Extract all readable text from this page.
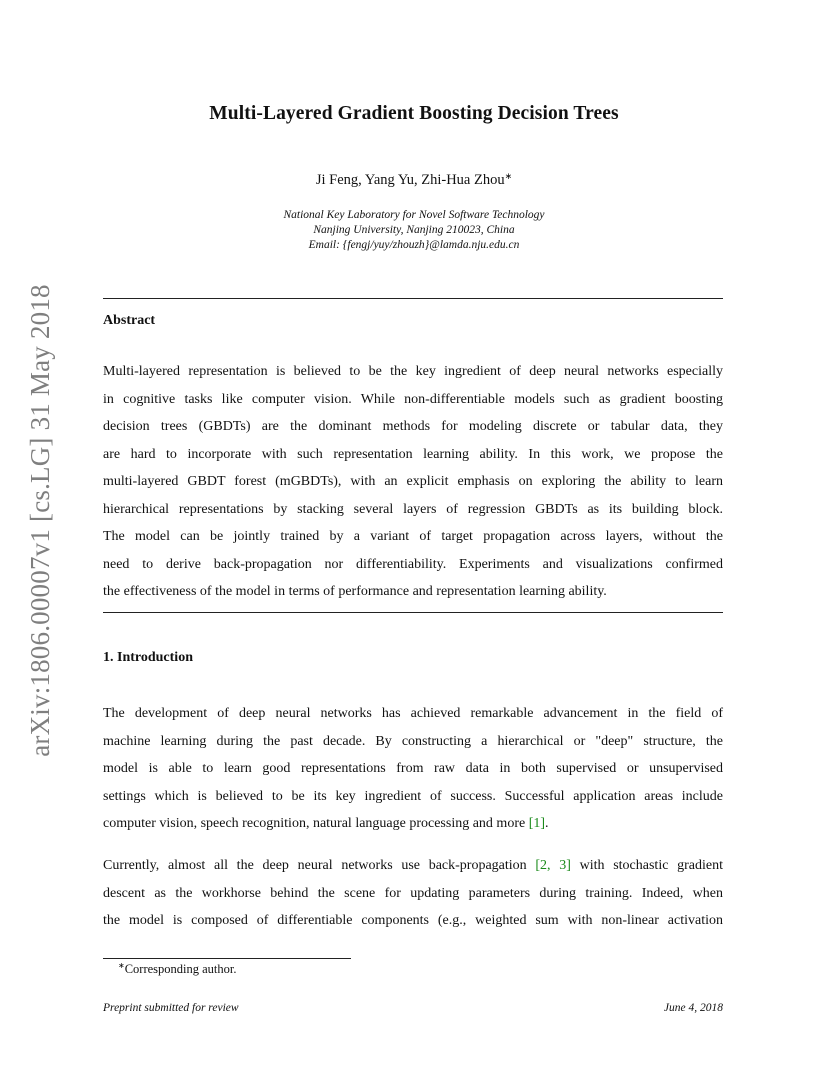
arXiv:1806.00007v1 [cs.LG] 31 May 2018
Multi-Layered Gradient Boosting Decision Trees
Ji Feng, Yang Yu, Zhi-Hua Zhou∗
National Key Laboratory for Novel Software Technology
Nanjing University, Nanjing 210023, China
Email: {fengj/yuy/zhouzh}@lamda.nju.edu.cn
Abstract
Multi-layered representation is believed to be the key ingredient of deep neural networks especially
in cognitive tasks like computer vision. While non-differentiable models such as gradient boosting
decision trees (GBDTs) are the dominant methods for modeling discrete or tabular data, they
are hard to incorporate with such representation learning ability. In this work, we propose the
multi-layered GBDT forest (mGBDTs), with an explicit emphasis on exploring the ability to learn
hierarchical representations by stacking several layers of regression GBDTs as its building block.
The model can be jointly trained by a variant of target propagation across layers, without the
need to derive back-propagation nor differentiability. Experiments and visualizations confirmed
the effectiveness of the model in terms of performance and representation learning ability.
1. Introduction
The development of deep neural networks has achieved remarkable advancement in the field of
machine learning during the past decade. By constructing a hierarchical or "deep" structure, the
model is able to learn good representations from raw data in both supervised or unsupervised
settings which is believed to be its key ingredient of success. Successful application areas include
computer vision, speech recognition, natural language processing and more [1].
Currently, almost all the deep neural networks use back-propagation [2, 3] with stochastic gradient
descent as the workhorse behind the scene for updating parameters during training. Indeed, when
the model is composed of differentiable components (e.g., weighted sum with non-linear activation
∗Corresponding author.
Preprint submitted for review	June 4, 2018
